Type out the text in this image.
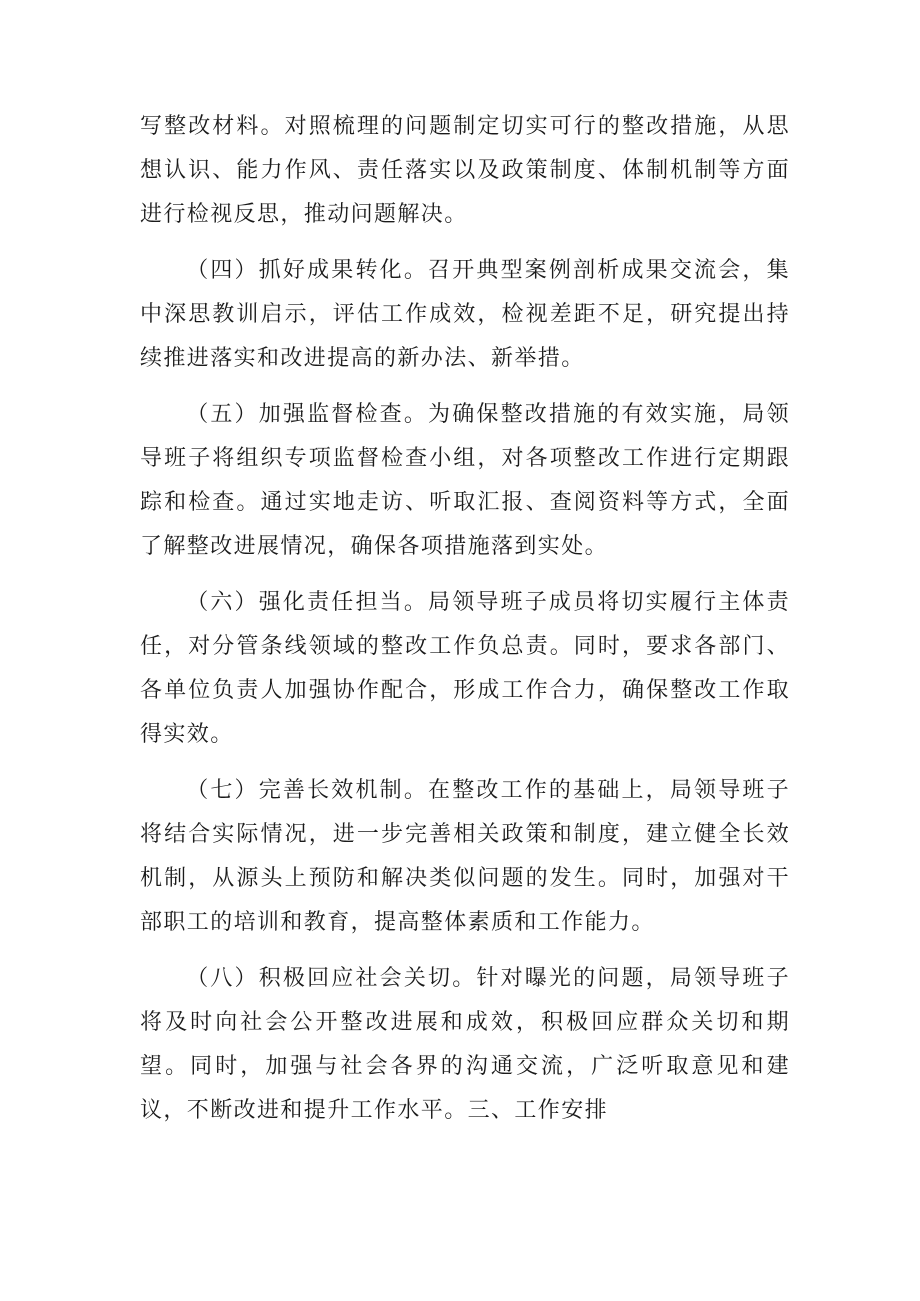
写整改材料。对照梳理的问题制定切实可行的整改措施，从思想认识、能力作风、责任落实以及政策制度、体制机制等方面进行检视反思，推动问题解决。

（四）抓好成果转化。召开典型案例剖析成果交流会，集中深思教训启示，评估工作成效，检视差距不足，研究提出持续推进落实和改进提高的新办法、新举措。

（五）加强监督检查。为确保整改措施的有效实施，局领导班子将组织专项监督检查小组，对各项整改工作进行定期跟踪和检查。通过实地走访、听取汇报、查阅资料等方式，全面了解整改进展情况，确保各项措施落到实处。

（六）强化责任担当。局领导班子成员将切实履行主体责任，对分管条线领域的整改工作负总责。同时，要求各部门、各单位负责人加强协作配合，形成工作合力，确保整改工作取得实效。

（七）完善长效机制。在整改工作的基础上，局领导班子将结合实际情况，进一步完善相关政策和制度，建立健全长效机制，从源头上预防和解决类似问题的发生。同时，加强对干部职工的培训和教育，提高整体素质和工作能力。

（八）积极回应社会关切。针对曝光的问题，局领导班子将及时向社会公开整改进展和成效，积极回应群众关切和期望。同时，加强与社会各界的沟通交流，广泛听取意见和建议，不断改进和提升工作水平。三、工作安排
